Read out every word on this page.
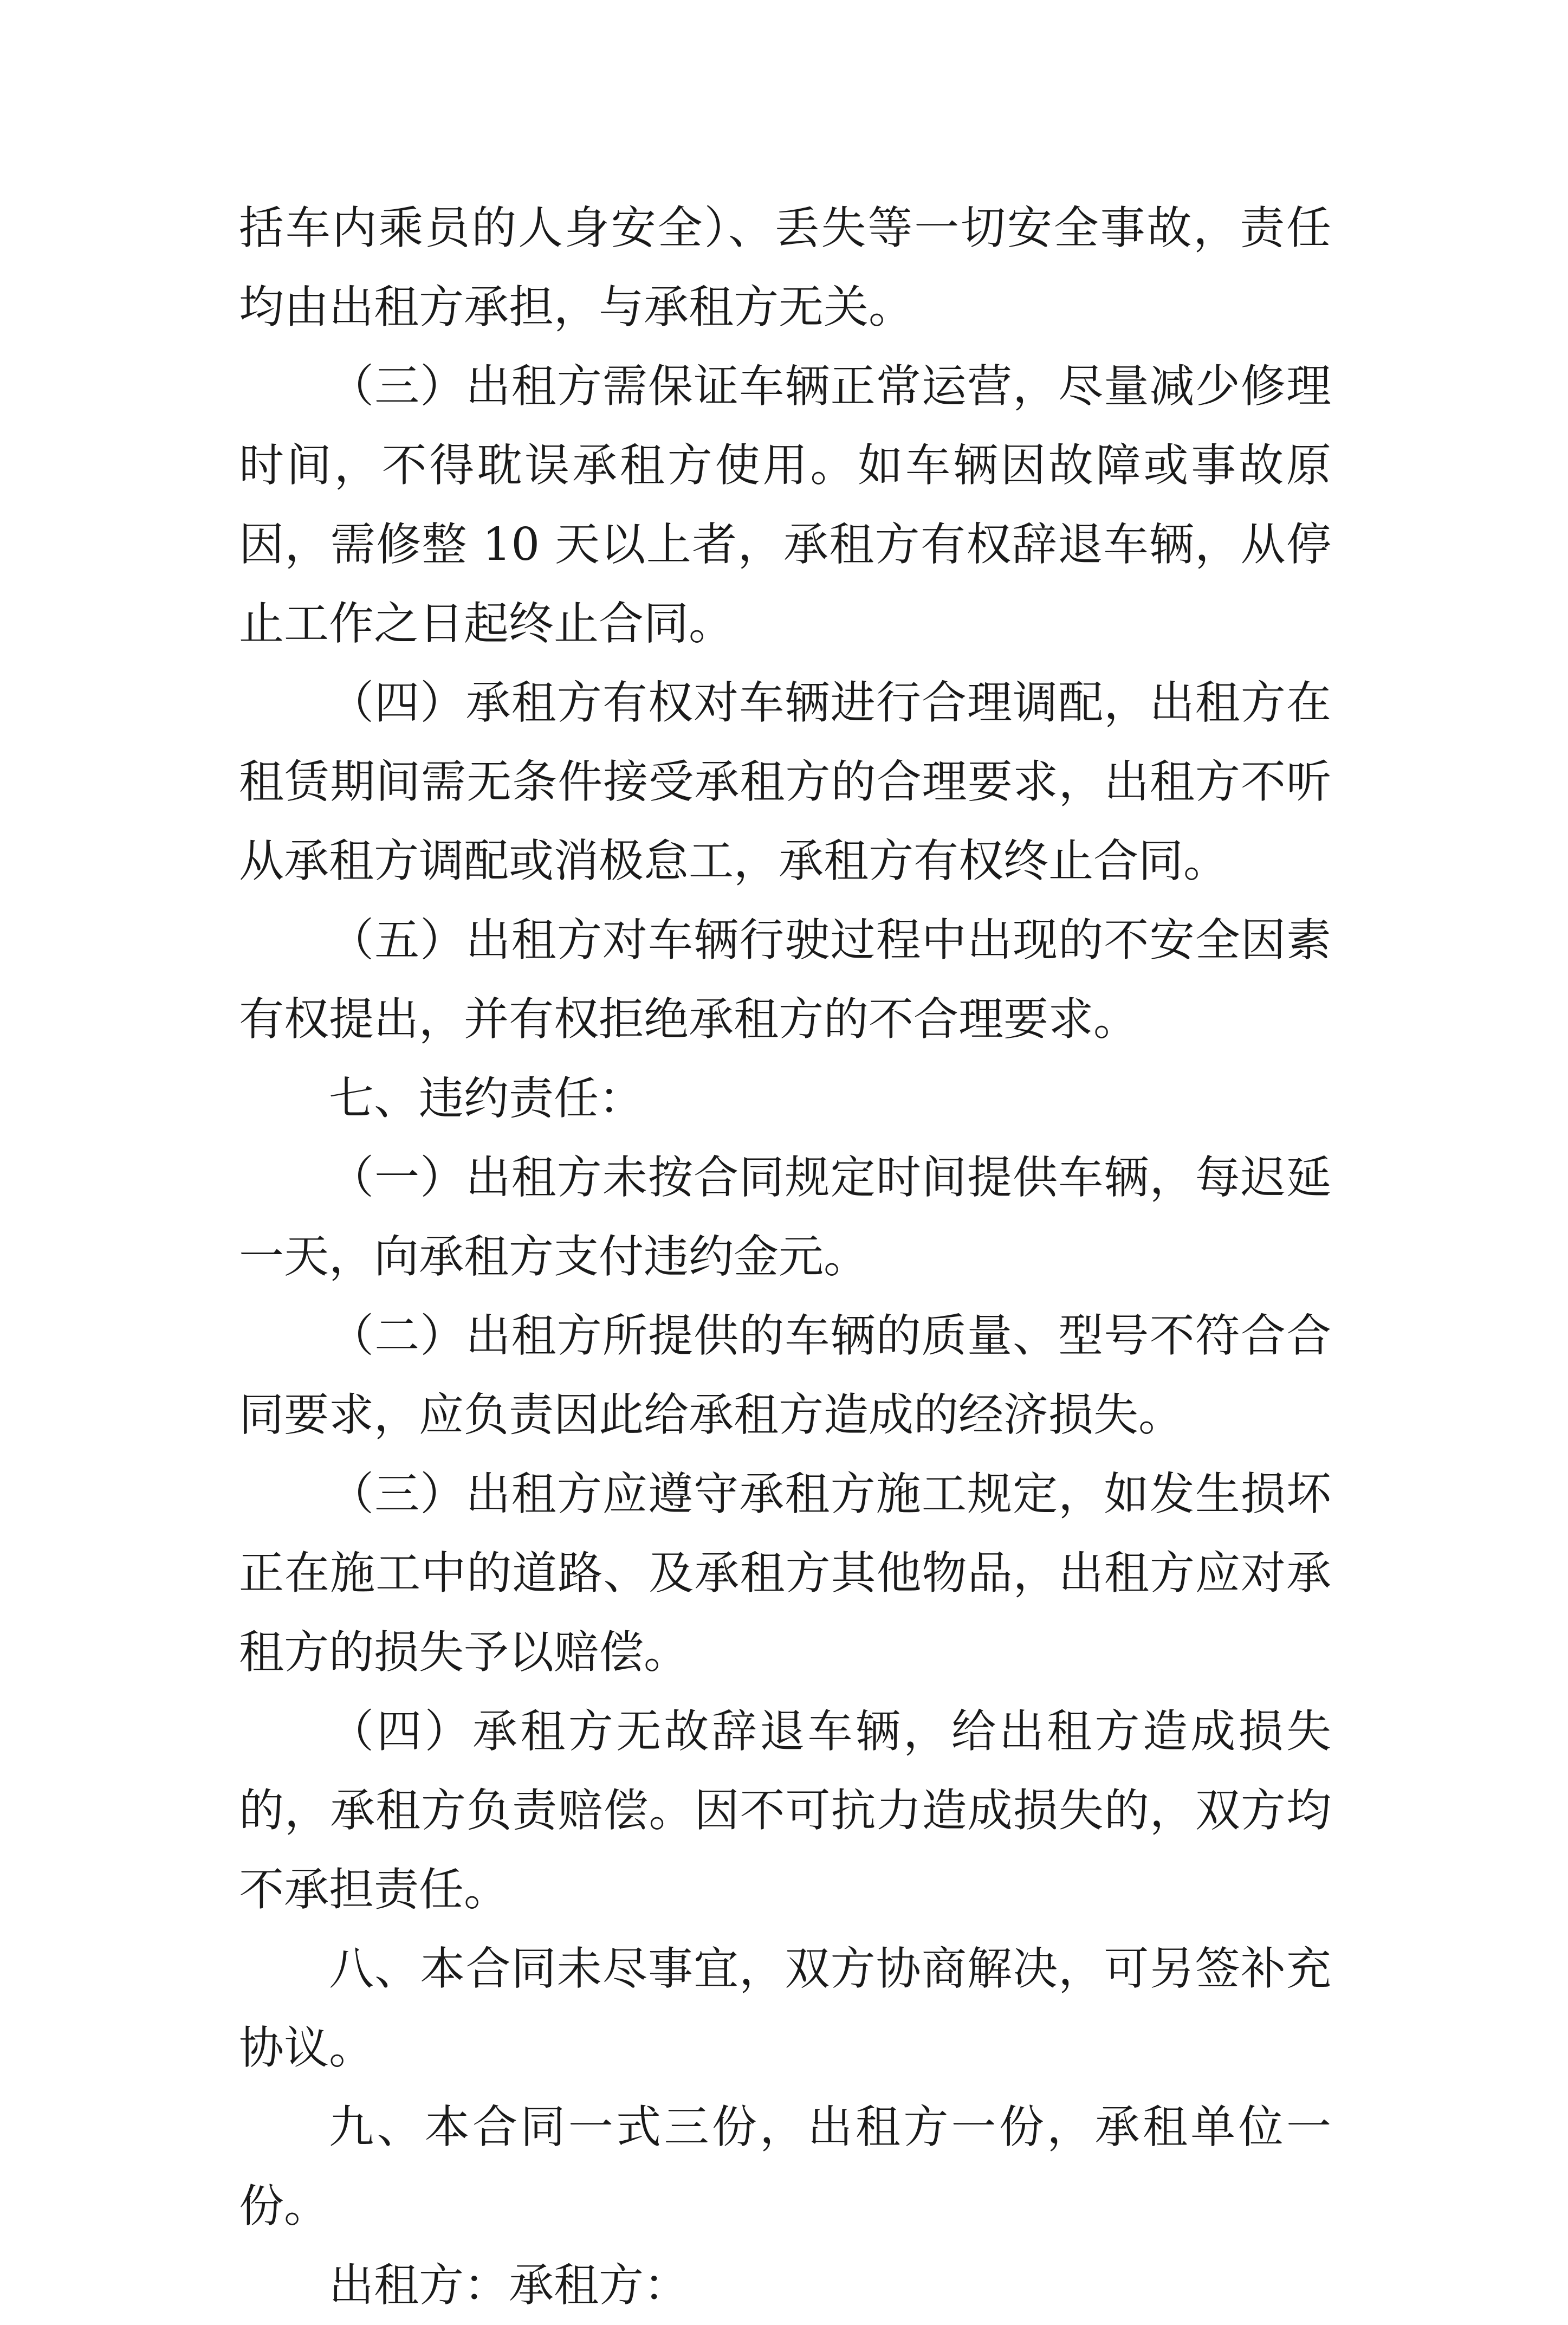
括车内乘员的人身安全）、丢失等一切安全事故，责任均由出租方承担，与承租方无关。

（三）出租方需保证车辆正常运营，尽量减少修理时间，不得耽误承租方使用。如车辆因故障或事故原因，需修整 10 天以上者，承租方有权辞退车辆，从停止工作之日起终止合同。

（四）承租方有权对车辆进行合理调配，出租方在租赁期间需无条件接受承租方的合理要求，出租方不听从承租方调配或消极怠工，承租方有权终止合同。

（五）出租方对车辆行驶过程中出现的不安全因素有权提出，并有权拒绝承租方的不合理要求。

七、违约责任：

（一）出租方未按合同规定时间提供车辆，每迟延一天，向承租方支付违约金元。

（二）出租方所提供的车辆的质量、型号不符合合同要求，应负责因此给承租方造成的经济损失。

（三）出租方应遵守承租方施工规定，如发生损坏正在施工中的道路、及承租方其他物品，出租方应对承租方的损失予以赔偿。

（四）承租方无故辞退车辆，给出租方造成损失的，承租方负责赔偿。因不可抗力造成损失的，双方均不承担责任。

八、本合同未尽事宜，双方协商解决，可另签补充协议。

九、本合同一式三份，出租方一份，承租单位一份。

出租方：承租方：
